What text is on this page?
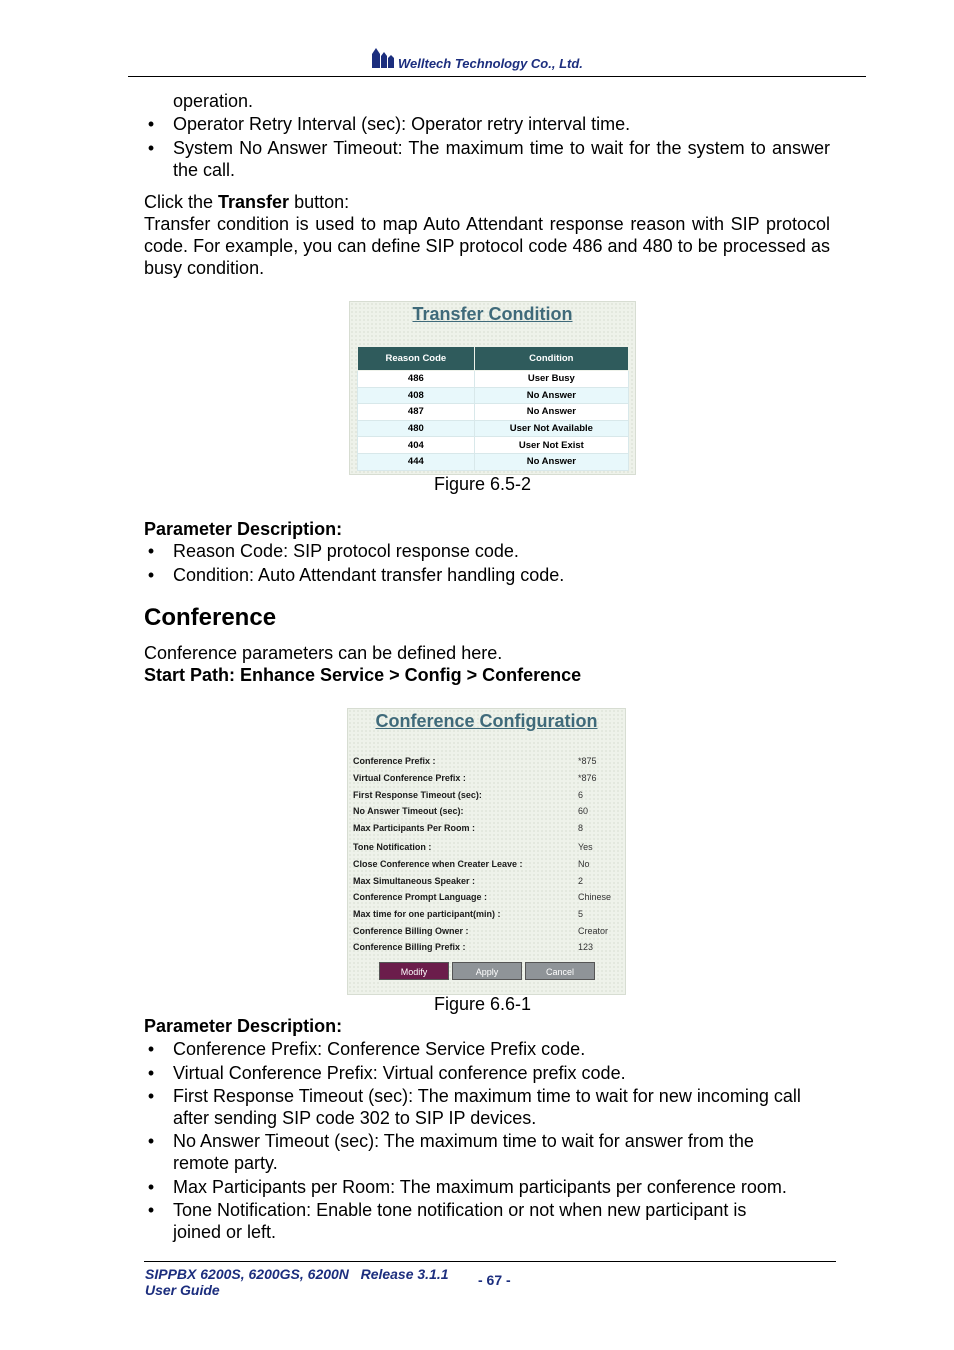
Welltech Technology Co., Ltd.
operation.
• Operator Retry Interval (sec): Operator retry interval time.
• System No Answer Timeout: The maximum time to wait for the system to answer the call.
Click the Transfer button:
Transfer condition is used to map Auto Attendant response reason with SIP protocol code. For example, you can define SIP protocol code 486 and 480 to be processed as busy condition.
Transfer Condition
Reason Code	Condition
486	User Busy
408	No Answer
487	No Answer
480	User Not Available
404	User Not Exist
444	No Answer
Figure 6.5-2
Parameter Description:
• Reason Code: SIP protocol response code.
• Condition: Auto Attendant transfer handling code.
Conference
Conference parameters can be defined here.
Start Path: Enhance Service > Config > Conference
Conference Configuration
Conference Prefix :	*875
Virtual Conference Prefix :	*876
First Response Timeout (sec):	6
No Answer Timeout (sec):	60
Max Participants Per Room :	8
Tone Notification :	Yes
Close Conference when Creater Leave :	No
Max Simultaneous Speaker :	2
Conference Prompt Language :	Chinese
Max time for one participant(min) :	5
Conference Billing Owner :	Creator
Conference Billing Prefix :	123
Modify	Apply	Cancel
Figure 6.6-1
Parameter Description:
• Conference Prefix: Conference Service Prefix code.
• Virtual Conference Prefix: Virtual conference prefix code.
• First Response Timeout (sec): The maximum time to wait for new incoming call after sending SIP code 302 to SIP IP devices.
• No Answer Timeout (sec): The maximum time to wait for answer from the remote party.
• Max Participants per Room: The maximum participants per conference room.
• Tone Notification: Enable tone notification or not when new participant is joined or left.
SIPPBX 6200S, 6200GS, 6200N   Release 3.1.1
User Guide
- 67 -
